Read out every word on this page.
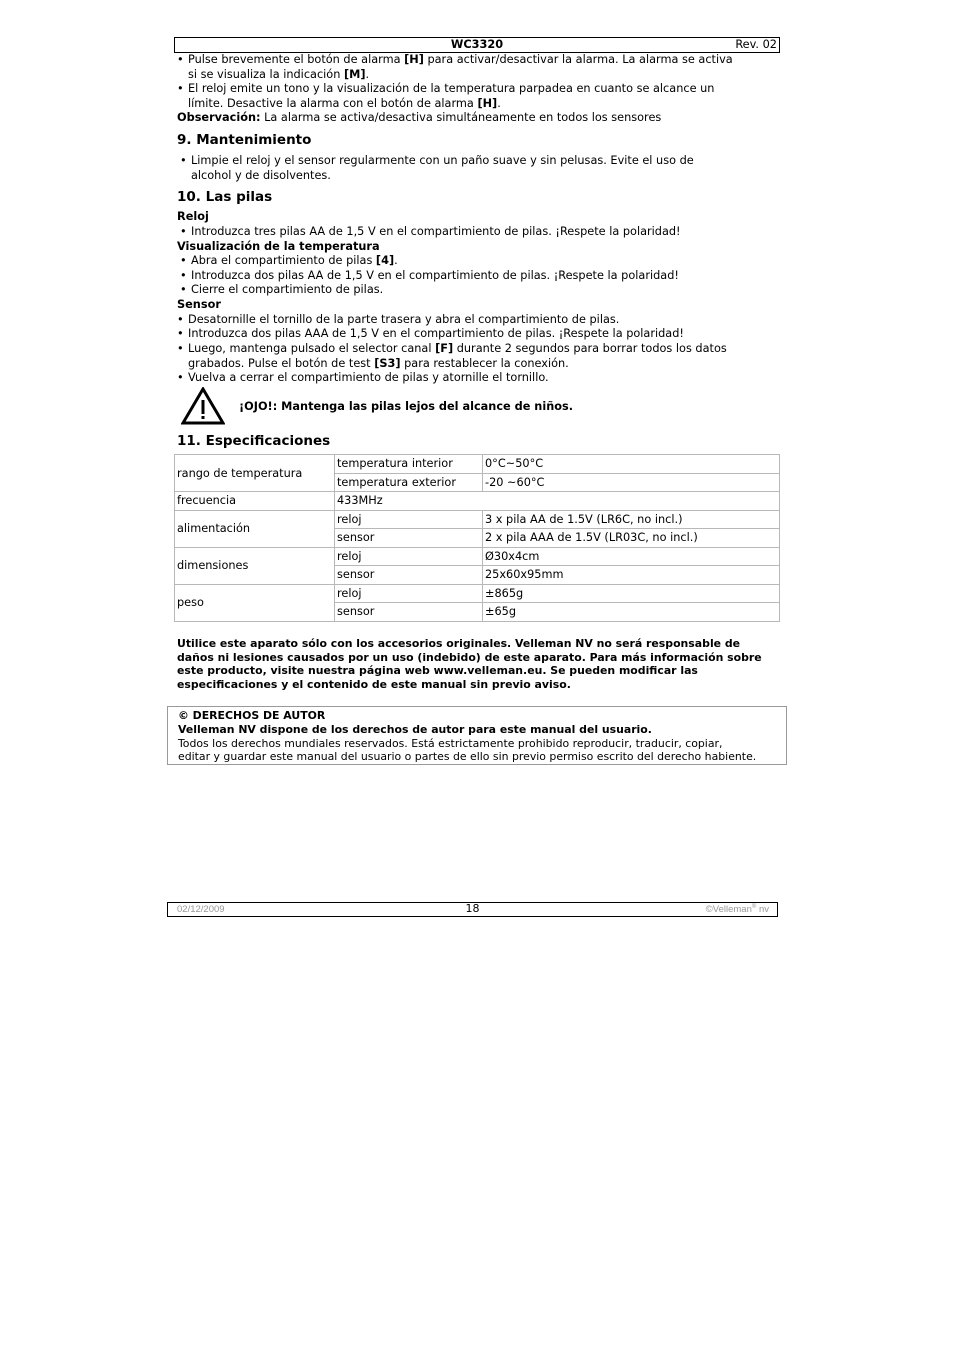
WC3320	Rev. 02
• Pulse brevemente el botón de alarma [H] para activar/desactivar la alarma. La alarma se activa
si se visualiza la indicación [M].
• El reloj emite un tono y la visualización de la temperatura parpadea en cuanto se alcance un
límite. Desactive la alarma con el botón de alarma [H].
Observación: La alarma se activa/desactiva simultáneamente en todos los sensores
9. Mantenimiento
• Limpie el reloj y el sensor regularmente con un paño suave y sin pelusas. Evite el uso de
alcohol y de disolventes.
10. Las pilas
Reloj
• Introduzca tres pilas AA de 1,5 V en el compartimiento de pilas. ¡Respete la polaridad!
Visualización de la temperatura
• Abra el compartimiento de pilas [4].
• Introduzca dos pilas AA de 1,5 V en el compartimiento de pilas. ¡Respete la polaridad!
• Cierre el compartimiento de pilas.
Sensor
• Desatornille el tornillo de la parte trasera y abra el compartimiento de pilas.
• Introduzca dos pilas AAA de 1,5 V en el compartimiento de pilas. ¡Respete la polaridad!
• Luego, mantenga pulsado el selector canal [F] durante 2 segundos para borrar todos los datos
grabados. Pulse el botón de test [S3] para restablecer la conexión.
• Vuelva a cerrar el compartimiento de pilas y atornille el tornillo.
¡OJO!: Mantenga las pilas lejos del alcance de niños.
11. Especificaciones
rango de temperatura	temperatura interior	0°C~50°C
	temperatura exterior	-20 ~60°C
frecuencia	433MHz	
alimentación	reloj	3 x pila AA de 1.5V (LR6C, no incl.)
	sensor	2 x pila AAA de 1.5V (LR03C, no incl.)
dimensiones	reloj	Ø30x4cm
	sensor	25x60x95mm
peso	reloj	±865g
	sensor	±65g
Utilice este aparato sólo con los accesorios originales. Velleman NV no será responsable de
daños ni lesiones causados por un uso (indebido) de este aparato. Para más información sobre
este producto, visite nuestra página web www.velleman.eu. Se pueden modificar las
especificaciones y el contenido de este manual sin previo aviso.
© DERECHOS DE AUTOR
Velleman NV dispone de los derechos de autor para este manual del usuario.
Todos los derechos mundiales reservados. Está estrictamente prohibido reproducir, traducir, copiar,
editar y guardar este manual del usuario o partes de ello sin previo permiso escrito del derecho habiente.
02/12/2009	18	©Velleman® nv
